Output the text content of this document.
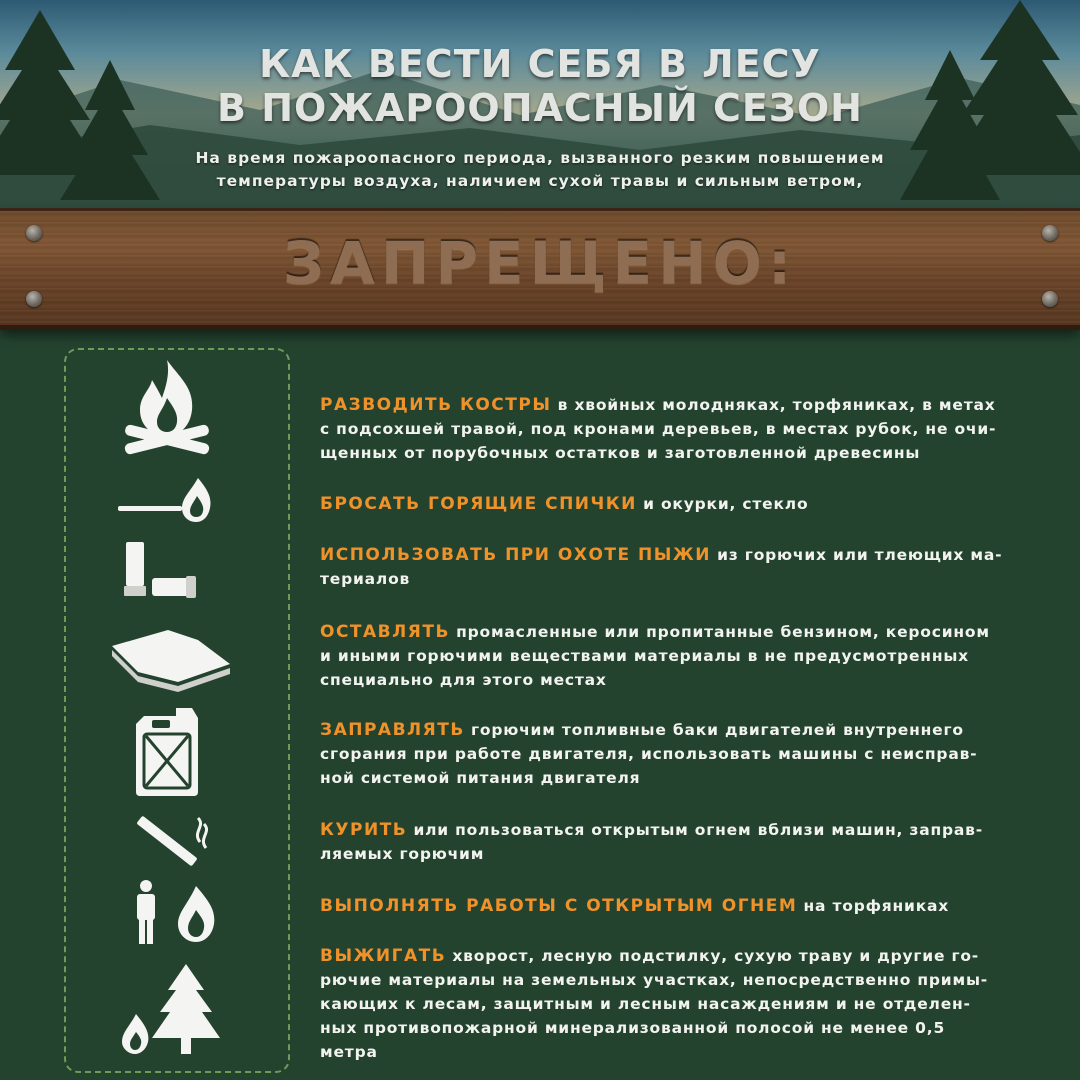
КАК ВЕСТИ СЕБЯ В ЛЕСУ
В ПОЖАРООПАСНЫЙ СЕЗОН
На время пожароопасного периода, вызванного резким повышением
температуры воздуха, наличием сухой травы и сильным ветром,
ЗАПРЕЩЕНО:
РАЗВОДИТЬ КОСТРЫ в хвойных молодняках, торфяниках, в метах
с подсохшей травой, под кронами деревьев, в местах рубок, не очи-
щенных от порубочных остатков и заготовленной древесины
БРОСАТЬ ГОРЯЩИЕ СПИЧКИ и окурки, стекло
ИСПОЛЬЗОВАТЬ ПРИ ОХОТЕ ПЫЖИ из горючих или тлеющих ма-
териалов
ОСТАВЛЯТЬ промасленные или пропитанные бензином, керосином
и иными горючими веществами материалы в не предусмотренных
специально для этого местах
ЗАПРАВЛЯТЬ горючим топливные баки двигателей внутреннего
сгорания при работе двигателя, использовать машины с неисправ-
ной системой питания двигателя
КУРИТЬ или пользоваться открытым огнем вблизи машин, заправ-
ляемых горючим
ВЫПОЛНЯТЬ РАБОТЫ С ОТКРЫТЫМ ОГНЕМ на торфяниках
ВЫЖИГАТЬ хворост, лесную подстилку, сухую траву и другие го-
рючие материалы на земельных участках, непосредственно примы-
кающих к лесам, защитным и лесным насаждениям и не отделен-
ных противопожарной минерализованной полосой не менее 0,5
метра
